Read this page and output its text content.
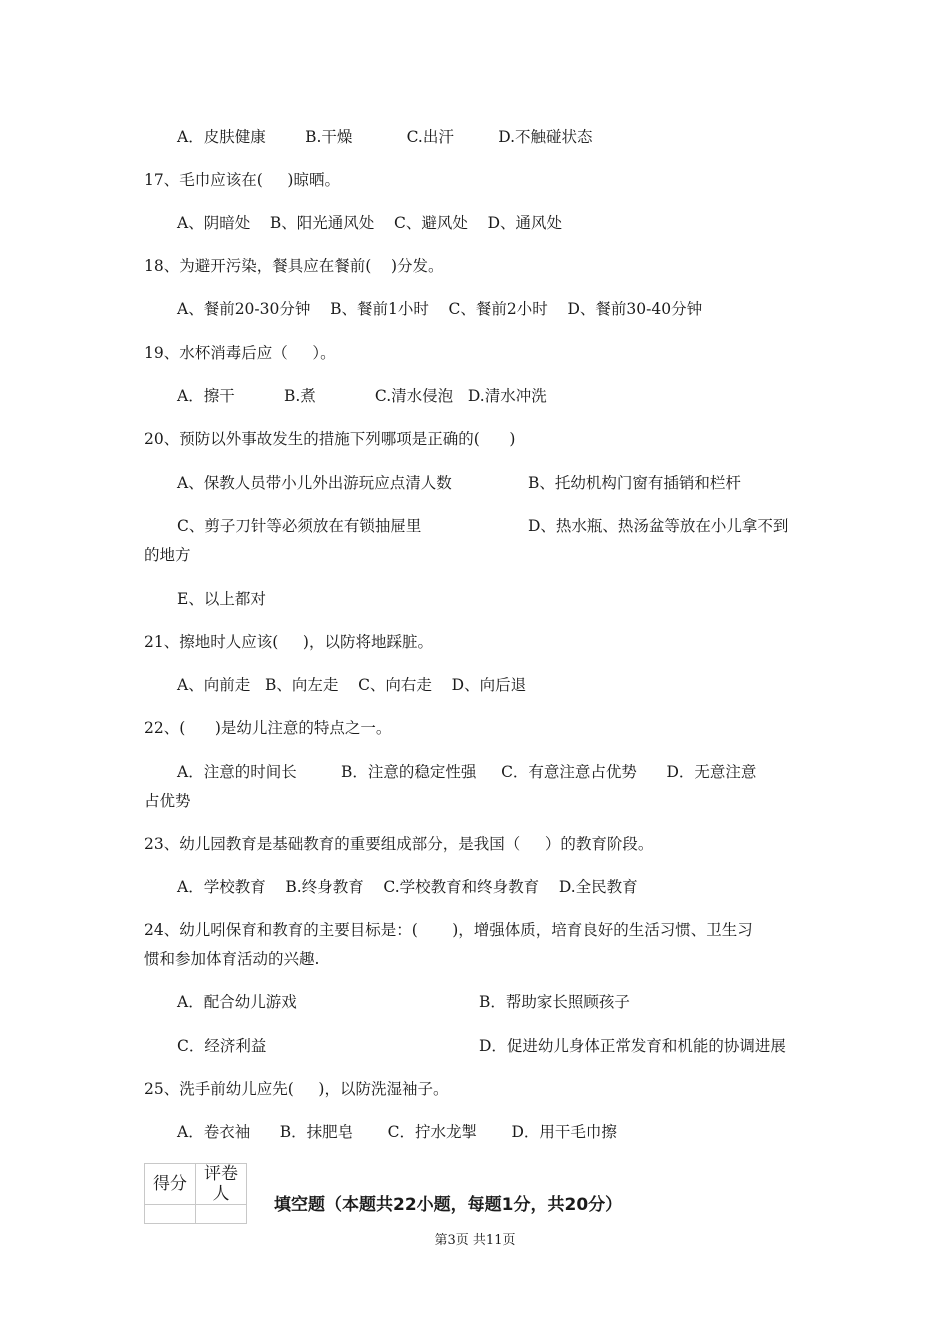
A．皮肤健康        B.干燥           C.出汗         D.不触碰状态
17、毛巾应该在(     )晾晒。
A、阴暗处    B、阳光通风处    C、避风处    D、通风处
18、为避开污染，餐具应在餐前(    )分发。
A、餐前20-30分钟    B、餐前1小时    C、餐前2小时    D、餐前30-40分钟
19、水杯消毒后应（     ）。
A．擦干          B.煮            C.清水侵泡   D.清水冲洗
20、预防以外事故发生的措施下列哪项是正确的(      )
A、保教人员带小儿外出游玩应点清人数	B、托幼机构门窗有插销和栏杆
C、剪子刀针等必须放在有锁抽屉里	D、热水瓶、热汤盆等放在小儿拿不到
的地方
E、以上都对
21、擦地时人应该(     )，以防将地踩脏。
A、向前走   B、向左走    C、向右走    D、向后退
22、(      )是幼儿注意的特点之一。
A．注意的时间长         B．注意的稳定性强     C．有意注意占优势      D．无意注意
占优势
23、幼儿园教育是基础教育的重要组成部分，是我国（     ）的教育阶段。
A．学校教育    B.终身教育    C.学校教育和终身教育    D.全民教育
24、幼儿吲保育和教育的主要目标是：(       )，增强体质，培育良好的生活习惯、卫生习
惯和参加体育活动的兴趣.
A．配合幼儿游戏	B．帮助家长照顾孩子
C．经济利益	D．促进幼儿身体正常发育和机能的协调进展
25、洗手前幼儿应先(     )，以防洗湿袖子。
A．卷衣袖      B．抹肥皂       C．拧水龙掣       D．用干毛巾擦
得分	评卷人

填空题（本题共22小题，每题1分，共20分）
第3页 共11页
